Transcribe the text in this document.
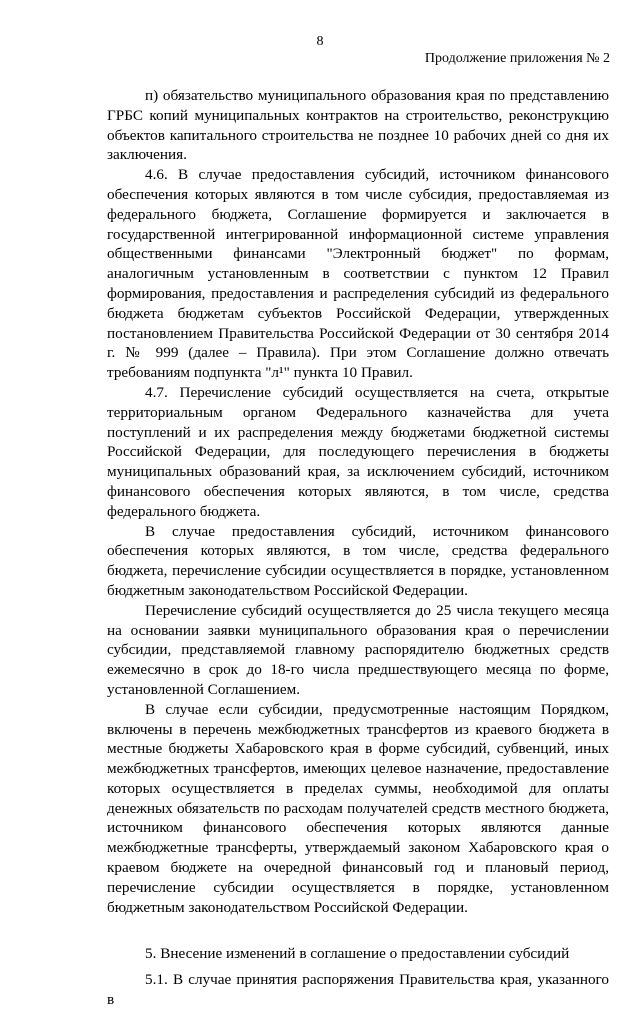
8
Продолжение приложения № 2

п) обязательство муниципального образования края по представлению ГРБС копий муниципальных контрактов на строительство, реконструкцию объектов капитального строительства не позднее 10 рабочих дней со дня их заключения.

4.6. В случае предоставления субсидий, источником финансового обеспечения которых являются в том числе субсидия, предоставляемая из федерального бюджета, Соглашение формируется и заключается в государственной интегрированной информационной системе управления общественными финансами "Электронный бюджет" по формам, аналогичным установленным в соответствии с пунктом 12 Правил формирования, предоставления и распределения субсидий из федерального бюджета бюджетам субъектов Российской Федерации, утвержденных постановлением Правительства Российской Федерации от 30 сентября 2014 г. № 999 (далее – Правила). При этом Соглашение должно отвечать требованиям подпункта "л¹" пункта 10 Правил.

4.7. Перечисление субсидий осуществляется на счета, открытые территориальным органом Федерального казначейства для учета поступлений и их распределения между бюджетами бюджетной системы Российской Федерации, для последующего перечисления в бюджеты муниципальных образований края, за исключением субсидий, источником финансового обеспечения которых являются, в том числе, средства федерального бюджета.

В случае предоставления субсидий, источником финансового обеспечения которых являются, в том числе, средства федерального бюджета, перечисление субсидии осуществляется в порядке, установленном бюджетным законодательством Российской Федерации.

Перечисление субсидий осуществляется до 25 числа текущего месяца на основании заявки муниципального образования края о перечислении субсидии, представляемой главному распорядителю бюджетных средств ежемесячно в срок до 18-го числа предшествующего месяца по форме, установленной Соглашением.

В случае если субсидии, предусмотренные настоящим Порядком, включены в перечень межбюджетных трансфертов из краевого бюджета в местные бюджеты Хабаровского края в форме субсидий, субвенций, иных межбюджетных трансфертов, имеющих целевое назначение, предоставление которых осуществляется в пределах суммы, необходимой для оплаты денежных обязательств по расходам получателей средств местного бюджета, источником финансового обеспечения которых являются данные межбюджетные трансферты, утверждаемый законом Хабаровского края о краевом бюджете на очередной финансовый год и плановый период, перечисление субсидии осуществляется в порядке, установленном бюджетным законодательством Российской Федерации.

5. Внесение изменений в соглашение о предоставлении субсидий

5.1. В случае принятия распоряжения Правительства края, указанного в
